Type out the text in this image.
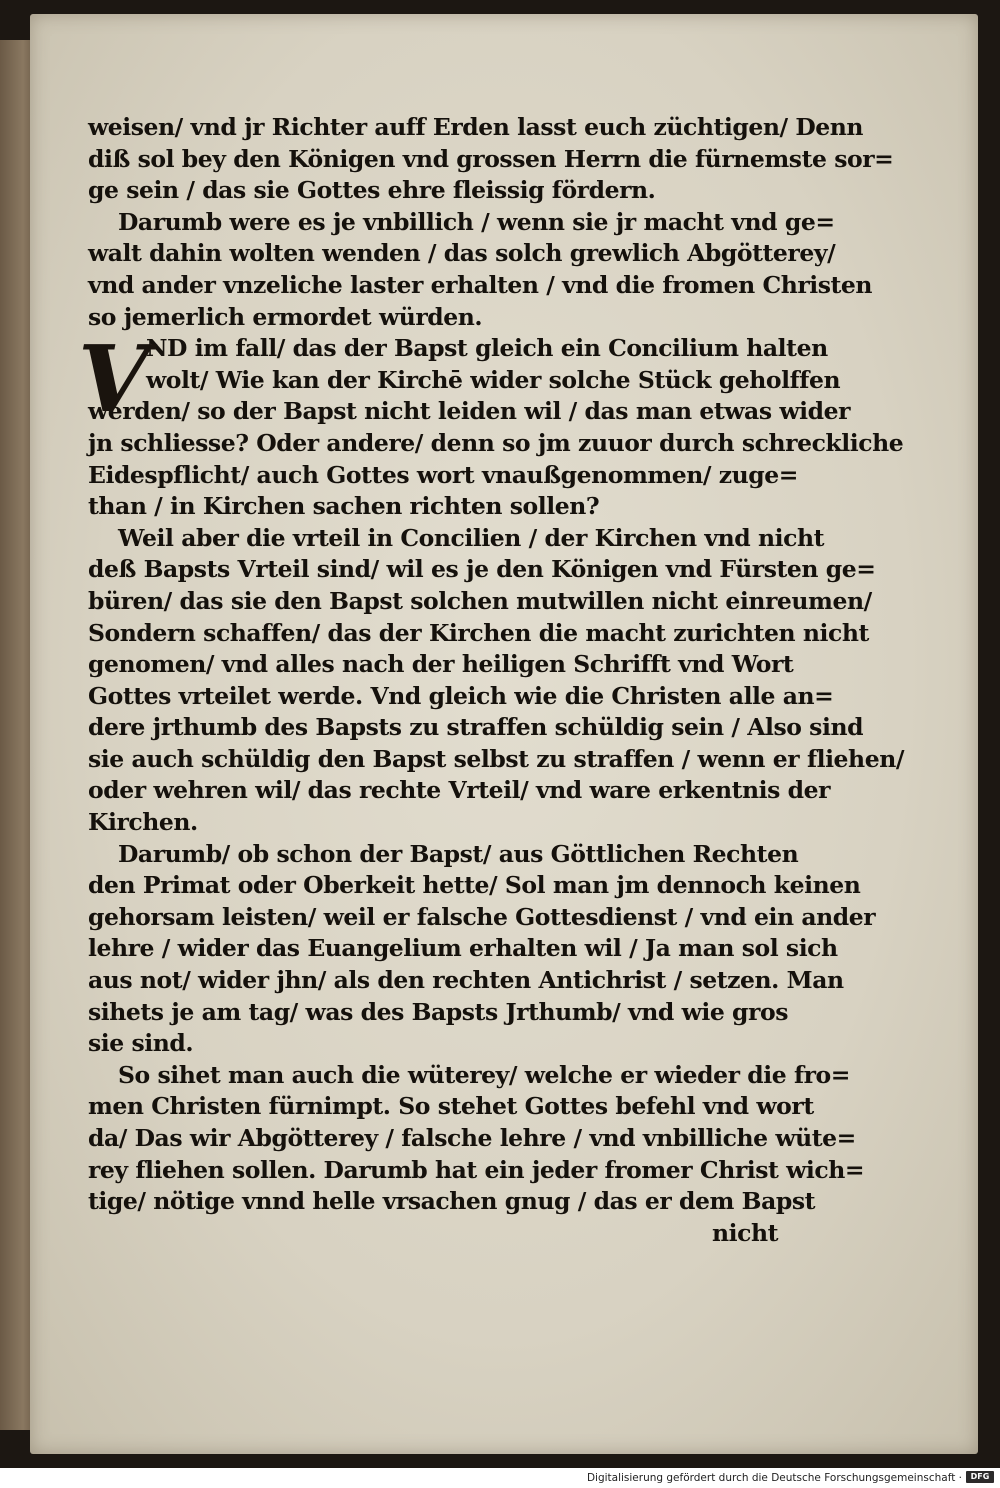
weisen/ vnd jr Richter auff Erden lasst euch züchtigen/ Denn
diß sol bey den Königen vnd grossen Herrn die fürnemste sor=
ge sein / das sie Gottes ehre fleissig fördern.
Darumb were es je vnbillich / wenn sie jr macht vnd ge=
walt dahin wolten wenden / das solch grewlich Abgötterey/
vnd ander vnzeliche laster erhalten / vnd die fromen Christen
so jemerlich ermordet würden.
V
ND im fall/ das der Bapst gleich ein Concilium halten
wolt/ Wie kan der Kirchē wider solche Stück geholffen
werden/ so der Bapst nicht leiden wil / das man etwas wider
jn schliesse? Oder andere/ denn so jm zuuor durch schreckliche
Eidespflicht/ auch Gottes wort vnaußgenommen/ zuge=
than / in Kirchen sachen richten sollen?
Weil aber die vrteil in Concilien / der Kirchen vnd nicht
deß Bapsts Vrteil sind/ wil es je den Königen vnd Fürsten ge=
büren/ das sie den Bapst solchen mutwillen nicht einreumen/
Sondern schaffen/ das der Kirchen die macht zurichten nicht
genomen/ vnd alles nach der heiligen Schrifft vnd Wort
Gottes vrteilet werde. Vnd gleich wie die Christen alle an=
dere jrthumb des Bapsts zu straffen schüldig sein / Also sind
sie auch schüldig den Bapst selbst zu straffen / wenn er fliehen/
oder wehren wil/ das rechte Vrteil/ vnd ware erkentnis der
Kirchen.
Darumb/ ob schon der Bapst/ aus Göttlichen Rechten
den Primat oder Oberkeit hette/ Sol man jm dennoch keinen
gehorsam leisten/ weil er falsche Gottesdienst / vnd ein ander
lehre / wider das Euangelium erhalten wil / Ja man sol sich
aus not/ wider jhn/ als den rechten Antichrist / setzen. Man
sihets je am tag/ was des Bapsts Jrthumb/ vnd wie gros
sie sind.
So sihet man auch die wüterey/ welche er wieder die fro=
men Christen fürnimpt. So stehet Gottes befehl vnd wort
da/ Das wir Abgötterey / falsche lehre / vnd vnbilliche wüte=
rey fliehen sollen. Darumb hat ein jeder fromer Christ wich=
tige/ nötige vnnd helle vrsachen gnug / das er dem Bapst
nicht
Digitalisierung gefördert durch die Deutsche Forschungsgemeinschaft ·	DFG
